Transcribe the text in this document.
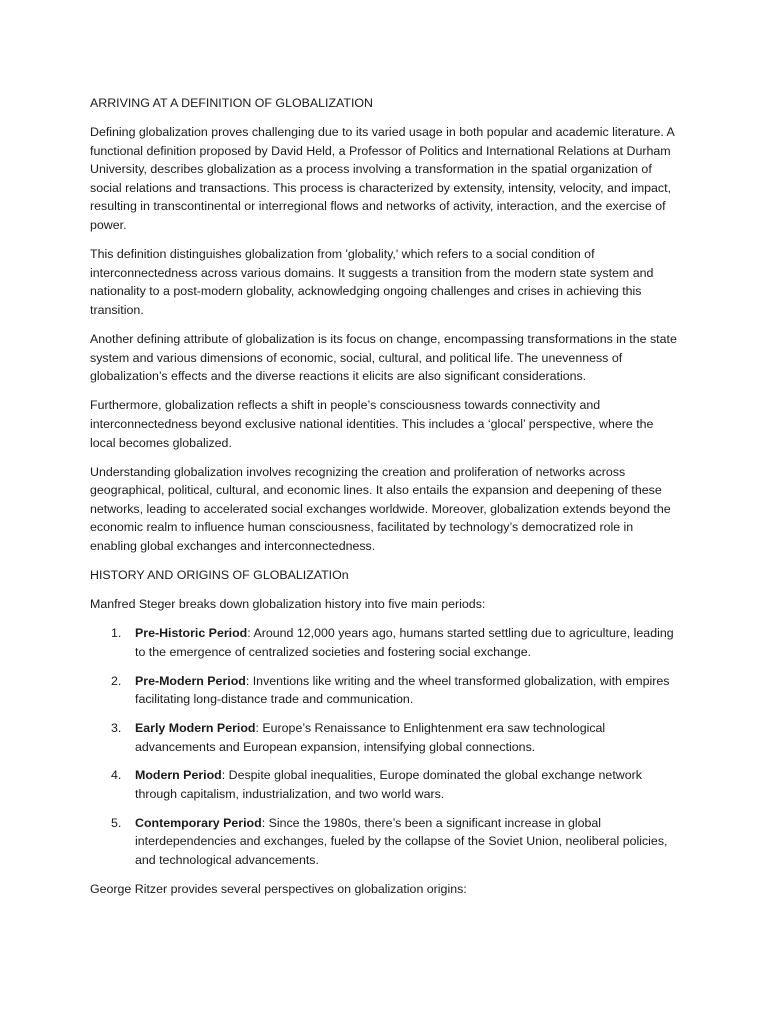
ARRIVING AT A DEFINITION OF GLOBALIZATION

Defining globalization proves challenging due to its varied usage in both popular and academic literature. A functional definition proposed by David Held, a Professor of Politics and International Relations at Durham University, describes globalization as a process involving a transformation in the spatial organization of social relations and transactions. This process is characterized by extensity, intensity, velocity, and impact, resulting in transcontinental or interregional flows and networks of activity, interaction, and the exercise of power.

This definition distinguishes globalization from 'globality,' which refers to a social condition of interconnectedness across various domains. It suggests a transition from the modern state system and nationality to a post-modern globality, acknowledging ongoing challenges and crises in achieving this transition.

Another defining attribute of globalization is its focus on change, encompassing transformations in the state system and various dimensions of economic, social, cultural, and political life. The unevenness of globalization’s effects and the diverse reactions it elicits are also significant considerations.

Furthermore, globalization reflects a shift in people’s consciousness towards connectivity and interconnectedness beyond exclusive national identities. This includes a ‘glocal’ perspective, where the local becomes globalized.

Understanding globalization involves recognizing the creation and proliferation of networks across geographical, political, cultural, and economic lines. It also entails the expansion and deepening of these networks, leading to accelerated social exchanges worldwide. Moreover, globalization extends beyond the economic realm to influence human consciousness, facilitated by technology’s democratized role in enabling global exchanges and interconnectedness.

HISTORY AND ORIGINS OF GLOBALIZATIOn

Manfred Steger breaks down globalization history into five main periods:

1. Pre-Historic Period: Around 12,000 years ago, humans started settling due to agriculture, leading to the emergence of centralized societies and fostering social exchange.
2. Pre-Modern Period: Inventions like writing and the wheel transformed globalization, with empires facilitating long-distance trade and communication.
3. Early Modern Period: Europe’s Renaissance to Enlightenment era saw technological advancements and European expansion, intensifying global connections.
4. Modern Period: Despite global inequalities, Europe dominated the global exchange network through capitalism, industrialization, and two world wars.
5. Contemporary Period: Since the 1980s, there’s been a significant increase in global interdependencies and exchanges, fueled by the collapse of the Soviet Union, neoliberal policies, and technological advancements.

George Ritzer provides several perspectives on globalization origins:
